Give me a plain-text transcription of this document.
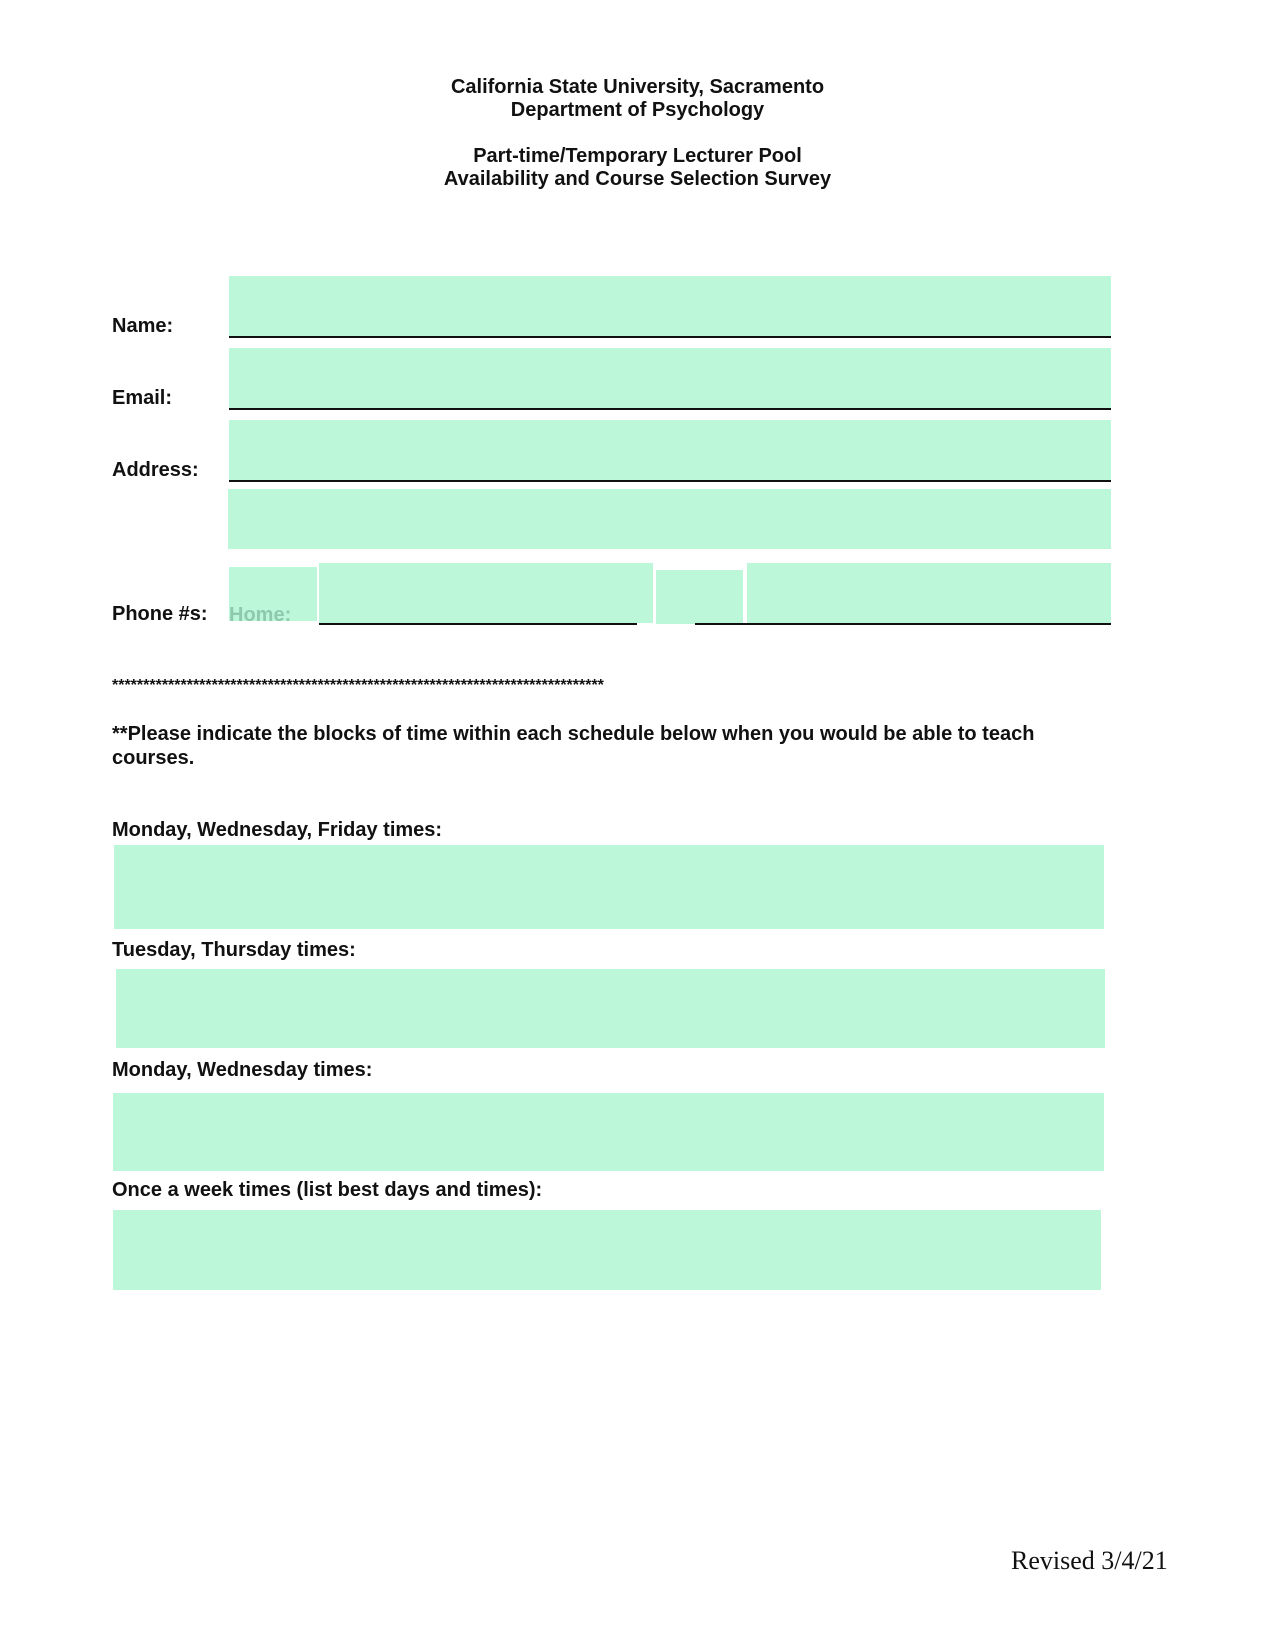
California State University, Sacramento
Department of Psychology
Part-time/Temporary Lecturer Pool
Availability and Course Selection Survey
Name:
Email:
Address:
Phone #s: Home:
*******************************************************************************
**Please indicate the blocks of time within each schedule below when you would be able to teach courses.
Monday, Wednesday, Friday times:
Tuesday, Thursday times:
Monday, Wednesday times:
Once a week times (list best days and times):
Revised 3/4/21
